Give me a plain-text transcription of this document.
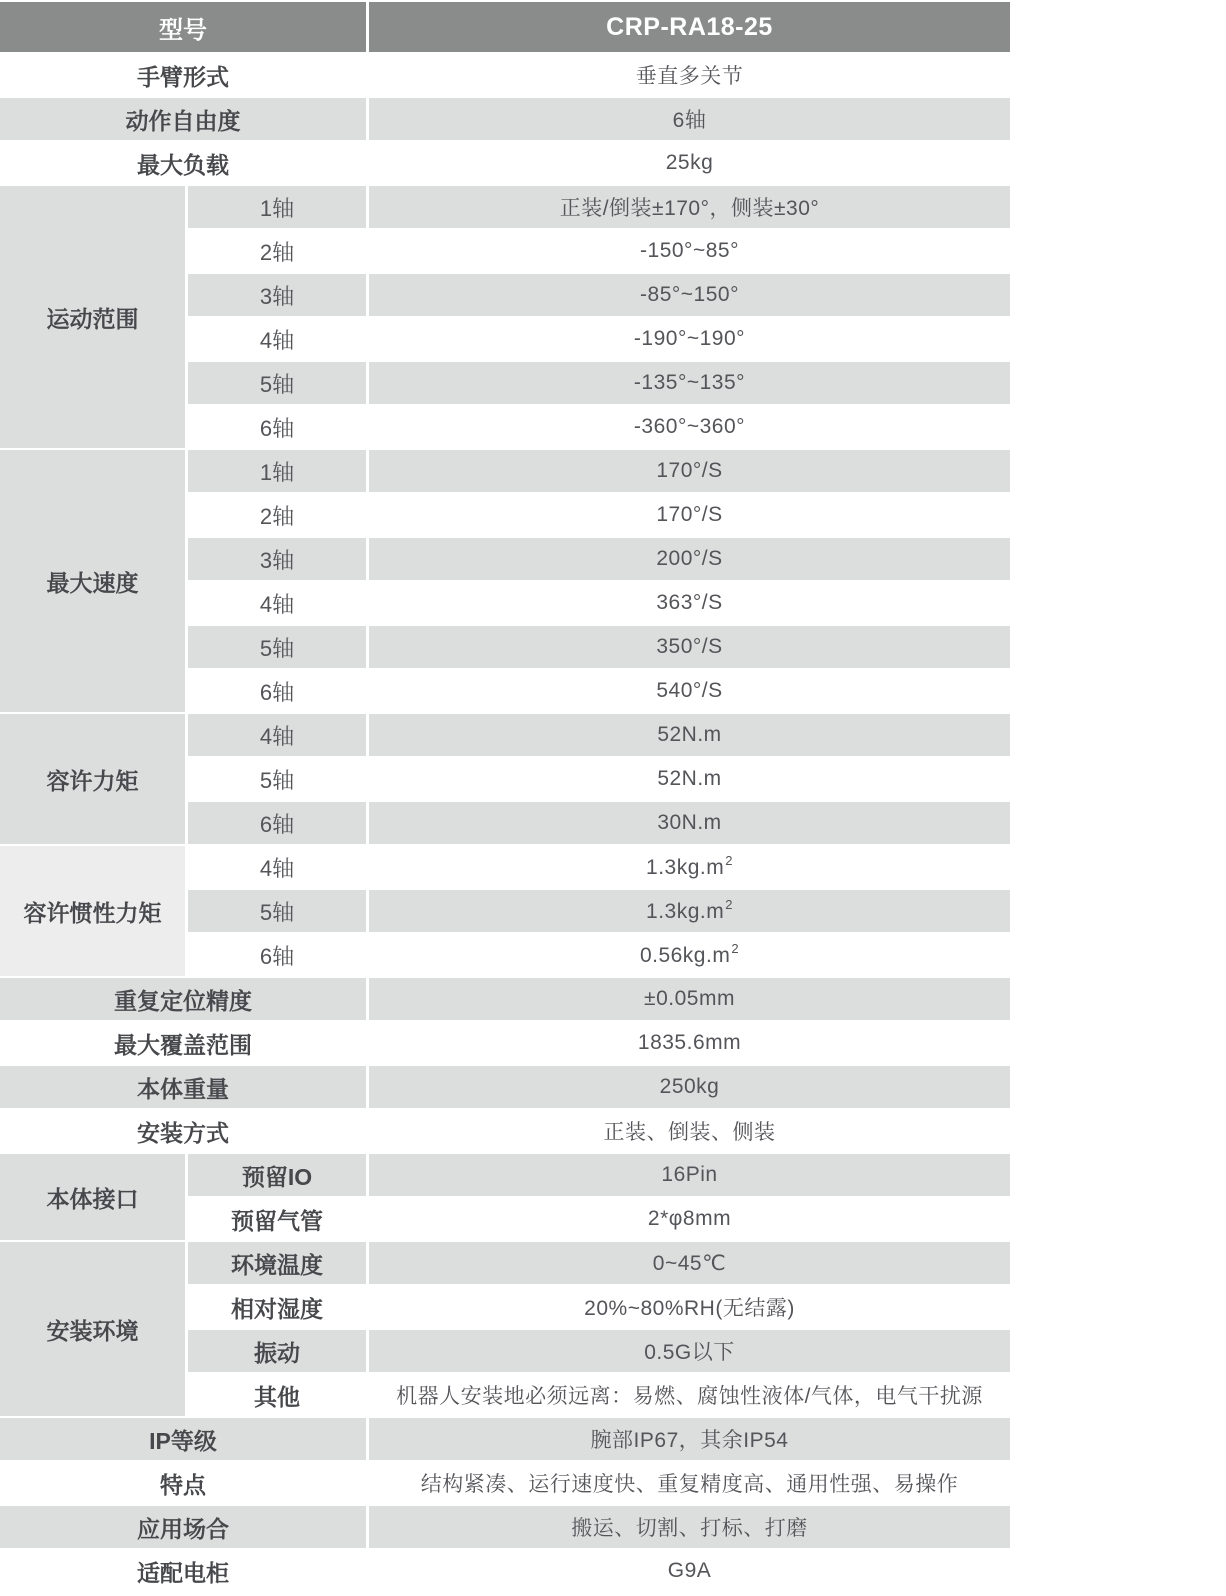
型号		CRP-RA18-25
手臂形式		垂直多关节
动作自由度		6轴
最大负载		25kg
运动范围	1轴	正装/倒装±170°，侧装±30°
	2轴	-150°~85°
	3轴	-85°~150°
	4轴	-190°~190°
	5轴	-135°~135°
	6轴	-360°~360°
最大速度	1轴	170°/S
	2轴	170°/S
	3轴	200°/S
	4轴	363°/S
	5轴	350°/S
	6轴	540°/S
容许力矩	4轴	52N.m
	5轴	52N.m
	6轴	30N.m
容许惯性力矩	4轴	$1.3kg.m^2$
	5轴	$1.3kg.m^2$
	6轴	$0.56kg.m^2$
重复定位精度		±0.05mm
最大覆盖范围		1835.6mm
本体重量		250kg
安装方式		正装、倒装、侧装
本体接口	预留IO	16Pin
	预留气管	2*φ8mm
安装环境	环境温度	0~45℃
	相对湿度	20%~80%RH(无结露)
	振动	0.5G以下
	其他	机器人安装地必须远离：易燃、腐蚀性液体/气体，电气干扰源
IP等级		腕部IP67，其余IP54
特点		结构紧凑、运行速度快、重复精度高、通用性强、易操作
应用场合		搬运、切割、打标、打磨
适配电柜		G9A
